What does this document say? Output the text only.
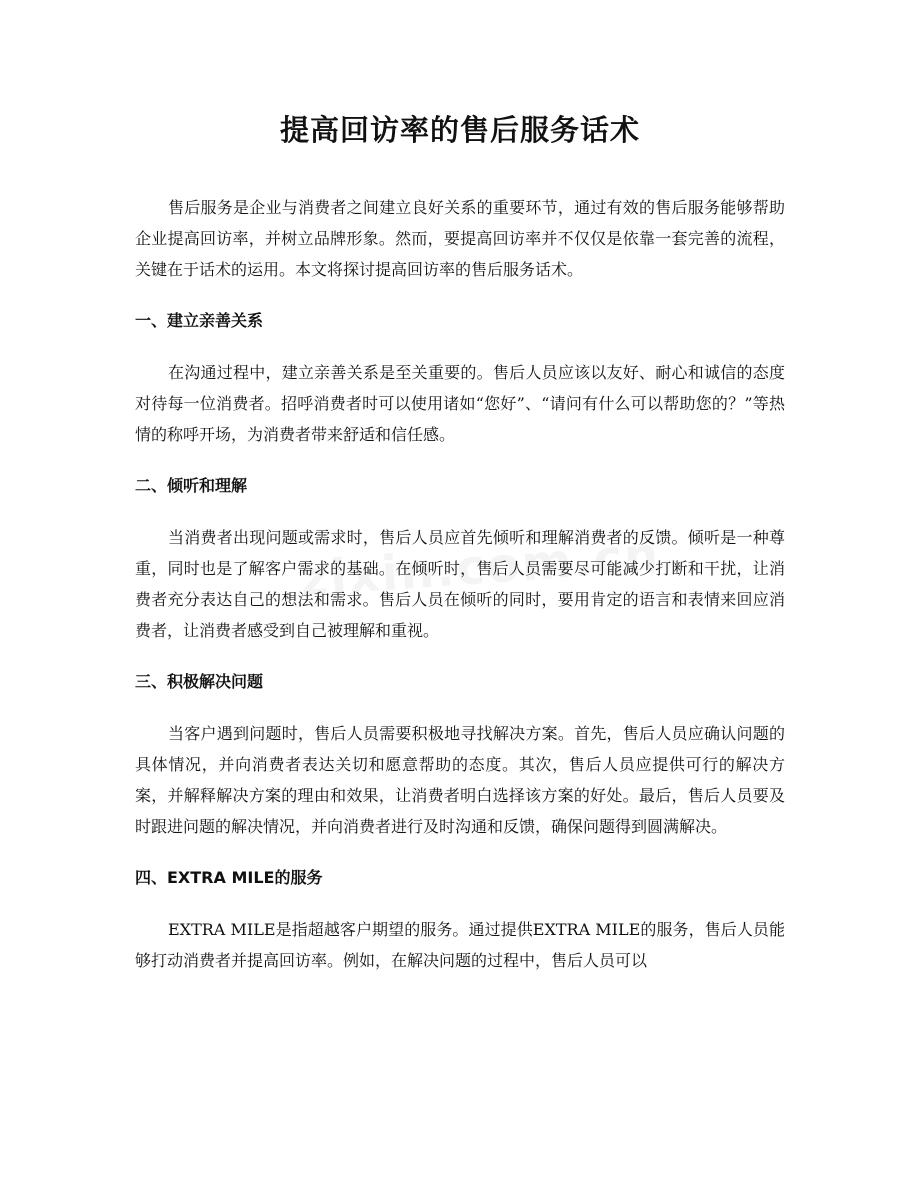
提高回访率的售后服务话术

售后服务是企业与消费者之间建立良好关系的重要环节，通过有效的售后服务能够帮助企业提高回访率，并树立品牌形象。然而，要提高回访率并不仅仅是依靠一套完善的流程，关键在于话术的运用。本文将探讨提高回访率的售后服务话术。

一、建立亲善关系

在沟通过程中，建立亲善关系是至关重要的。售后人员应该以友好、耐心和诚信的态度对待每一位消费者。招呼消费者时可以使用诸如“您好”、“请问有什么可以帮助您的？”等热情的称呼开场，为消费者带来舒适和信任感。

二、倾听和理解

当消费者出现问题或需求时，售后人员应首先倾听和理解消费者的反馈。倾听是一种尊重，同时也是了解客户需求的基础。在倾听时，售后人员需要尽可能减少打断和干扰，让消费者充分表达自己的想法和需求。售后人员在倾听的同时，要用肯定的语言和表情来回应消费者，让消费者感受到自己被理解和重视。

三、积极解决问题

当客户遇到问题时，售后人员需要积极地寻找解决方案。首先，售后人员应确认问题的具体情况，并向消费者表达关切和愿意帮助的态度。其次，售后人员应提供可行的解决方案，并解释解决方案的理由和效果，让消费者明白选择该方案的好处。最后，售后人员要及时跟进问题的解决情况，并向消费者进行及时沟通和反馈，确保问题得到圆满解决。

四、EXTRA MILE的服务

EXTRA MILE是指超越客户期望的服务。通过提供EXTRA MILE的服务，售后人员能够打动消费者并提高回访率。例如，在解决问题的过程中，售后人员可以
